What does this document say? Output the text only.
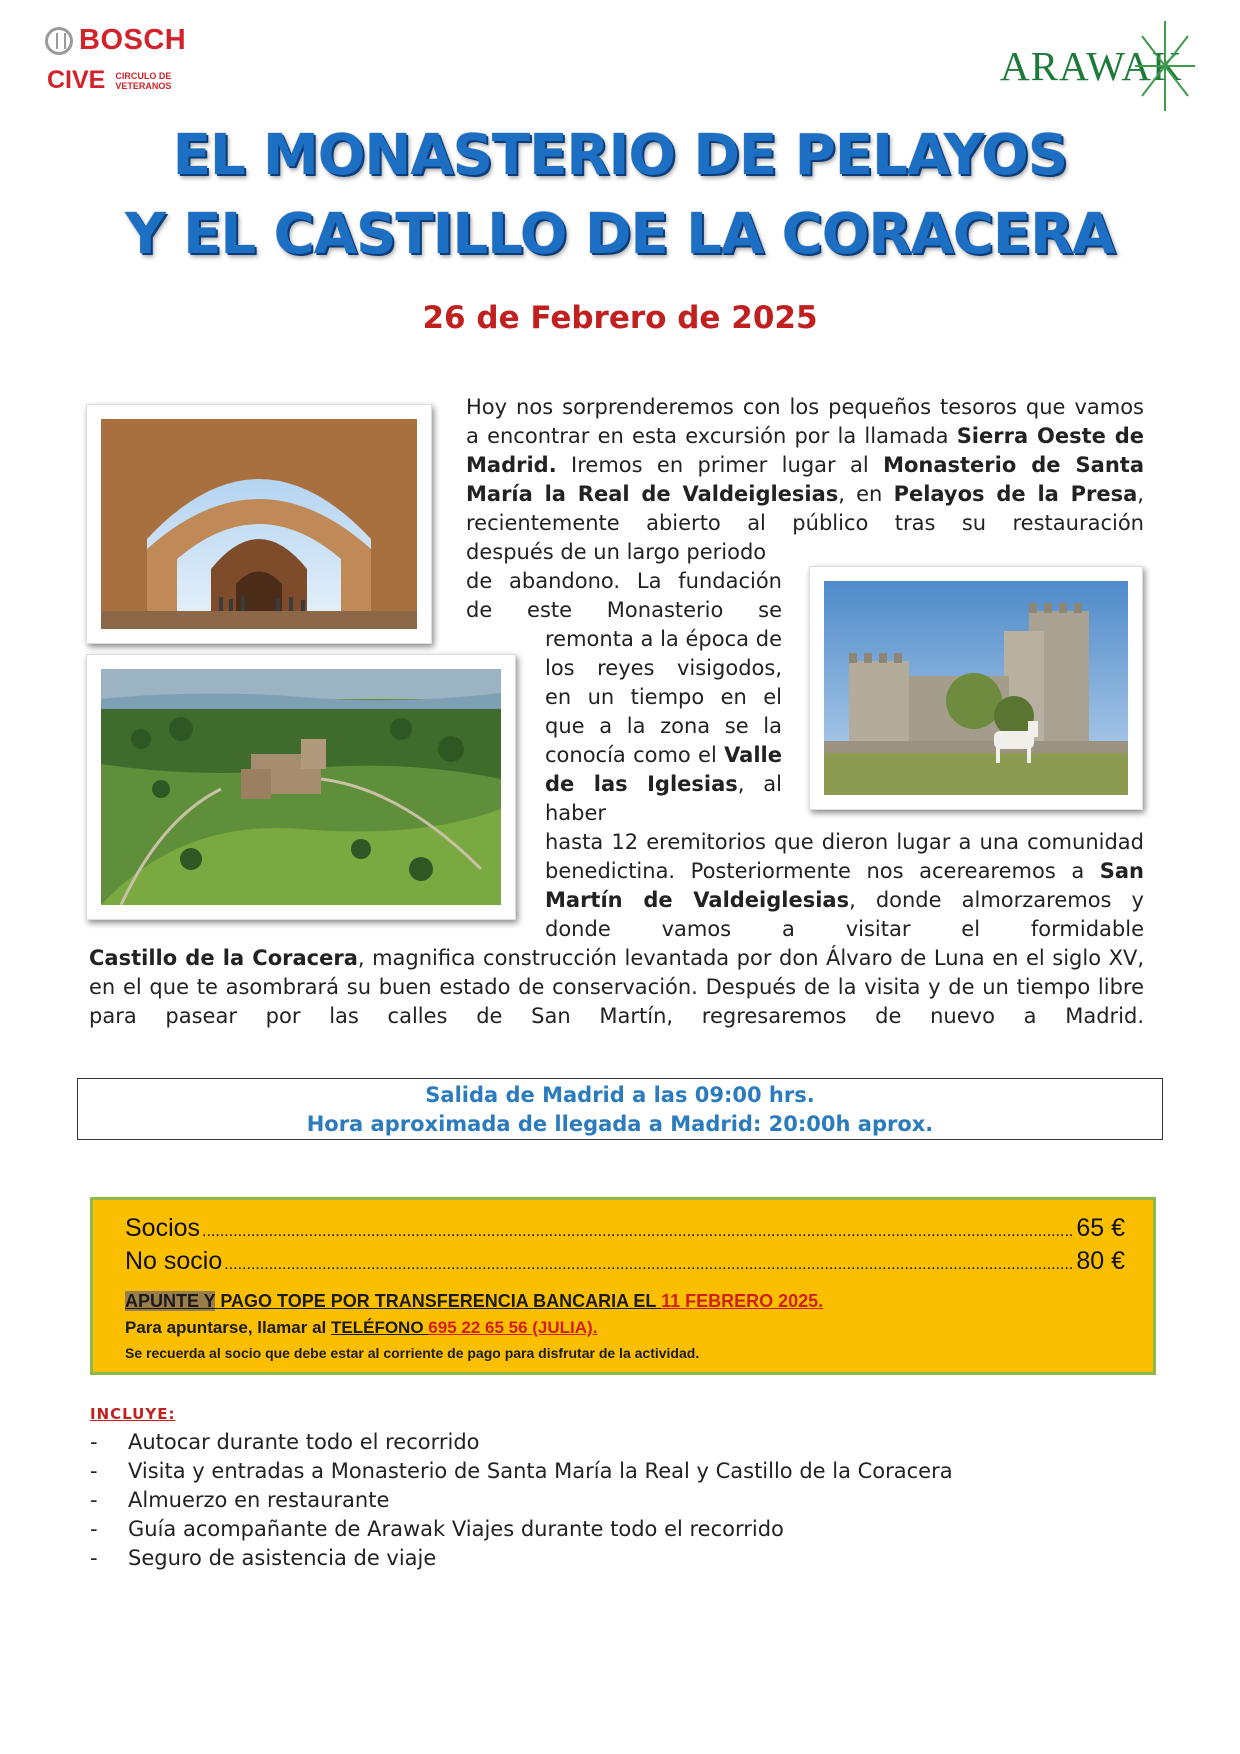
BOSCH
CIVE CIRCULO DE VETERANOS	ARAWAK
EL MONASTERIO DE PELAYOS
Y EL CASTILLO DE LA CORACERA
26 de Febrero de 2025
Hoy nos sorprenderemos con los pequeños tesoros que vamos a encontrar en esta excursión por la llamada Sierra Oeste de Madrid. Iremos en primer lugar al Monasterio de Santa María la Real de Valdeiglesias, en Pelayos de la Presa, recientemente abierto al público tras su restauración
después de un largo periodo
de abandono. La fundación de este Monasterio se
remonta a la época de los reyes visigodos, en un tiempo en el que a la zona se la conocía como el Valle de las Iglesias, al haber
hasta 12 eremitorios que dieron lugar a una comunidad benedictina. Posteriormente nos acerearemos a San Martín de Valdeiglesias, donde almorzaremos y donde vamos a visitar el formidable
Castillo de la Coracera, magnifica construcción levantada por don Álvaro de Luna en el siglo XV, en el que te asombrará su buen estado de conservación. Después de la visita y de un tiempo libre para pasear por las calles de San Martín, regresaremos de nuevo a Madrid.
Salida de Madrid a las 09:00 hrs.
Hora aproximada de llegada a Madrid: 20:00h aprox.
Socios .....	65 €
No socio .....	80 €
APUNTE Y PAGO TOPE POR TRANSFERENCIA BANCARIA EL 11 FEBRERO 2025.
Para apuntarse, llamar al TELÉFONO 695 22 65 56 (JULIA).
Se recuerda al socio que debe estar al corriente de pago para disfrutar de la actividad.
INCLUYE:
- Autocar durante todo el recorrido
- Visita y entradas a Monasterio de Santa María la Real y Castillo de la Coracera
- Almuerzo en restaurante
- Guía acompañante de Arawak Viajes durante todo el recorrido
- Seguro de asistencia de viaje
